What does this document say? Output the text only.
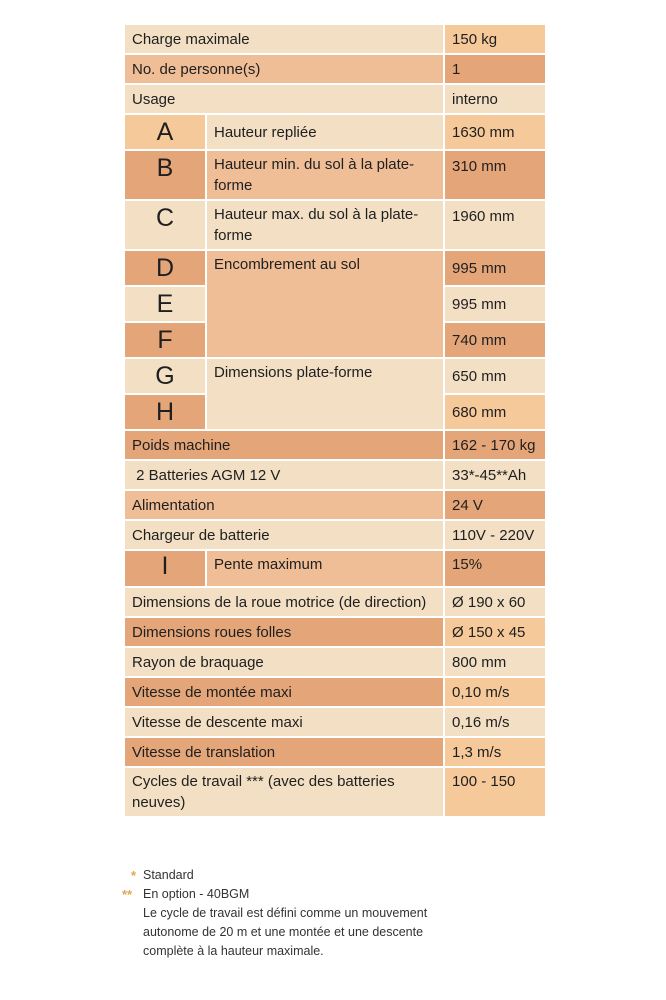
Charge maximale		150 kg
No. de personne(s)		1
Usage		interno
A	Hauteur repliée	1630 mm
B	Hauteur min. du sol à la plate-forme	310 mm
C	Hauteur max. du sol à la plate-forme	1960 mm
D	Encombrement au sol	995 mm
E		995 mm
F		740 mm
G	Dimensions plate-forme	650 mm
H		680 mm
Poids machine		162 - 170 kg
2 Batteries AGM 12 V		33*-45**Ah
Alimentation		24 V
Chargeur de batterie		110V - 220V
I	Pente maximum	15%
Dimensions de la roue motrice (de direction)		Ø 190 x 60
Dimensions roues folles		Ø 150 x 45
Rayon de braquage		800 mm
Vitesse de montée maxi		0,10 m/s
Vitesse de descente maxi		0,16 m/s
Vitesse de translation		1,3 m/s
Cycles de travail *** (avec des batteries neuves)		100 - 150
* Standard
** En option - 40BGM
Le cycle de travail est défini comme un mouvement
autonome de 20 m et une montée et une descente
complète à la hauteur maximale.
